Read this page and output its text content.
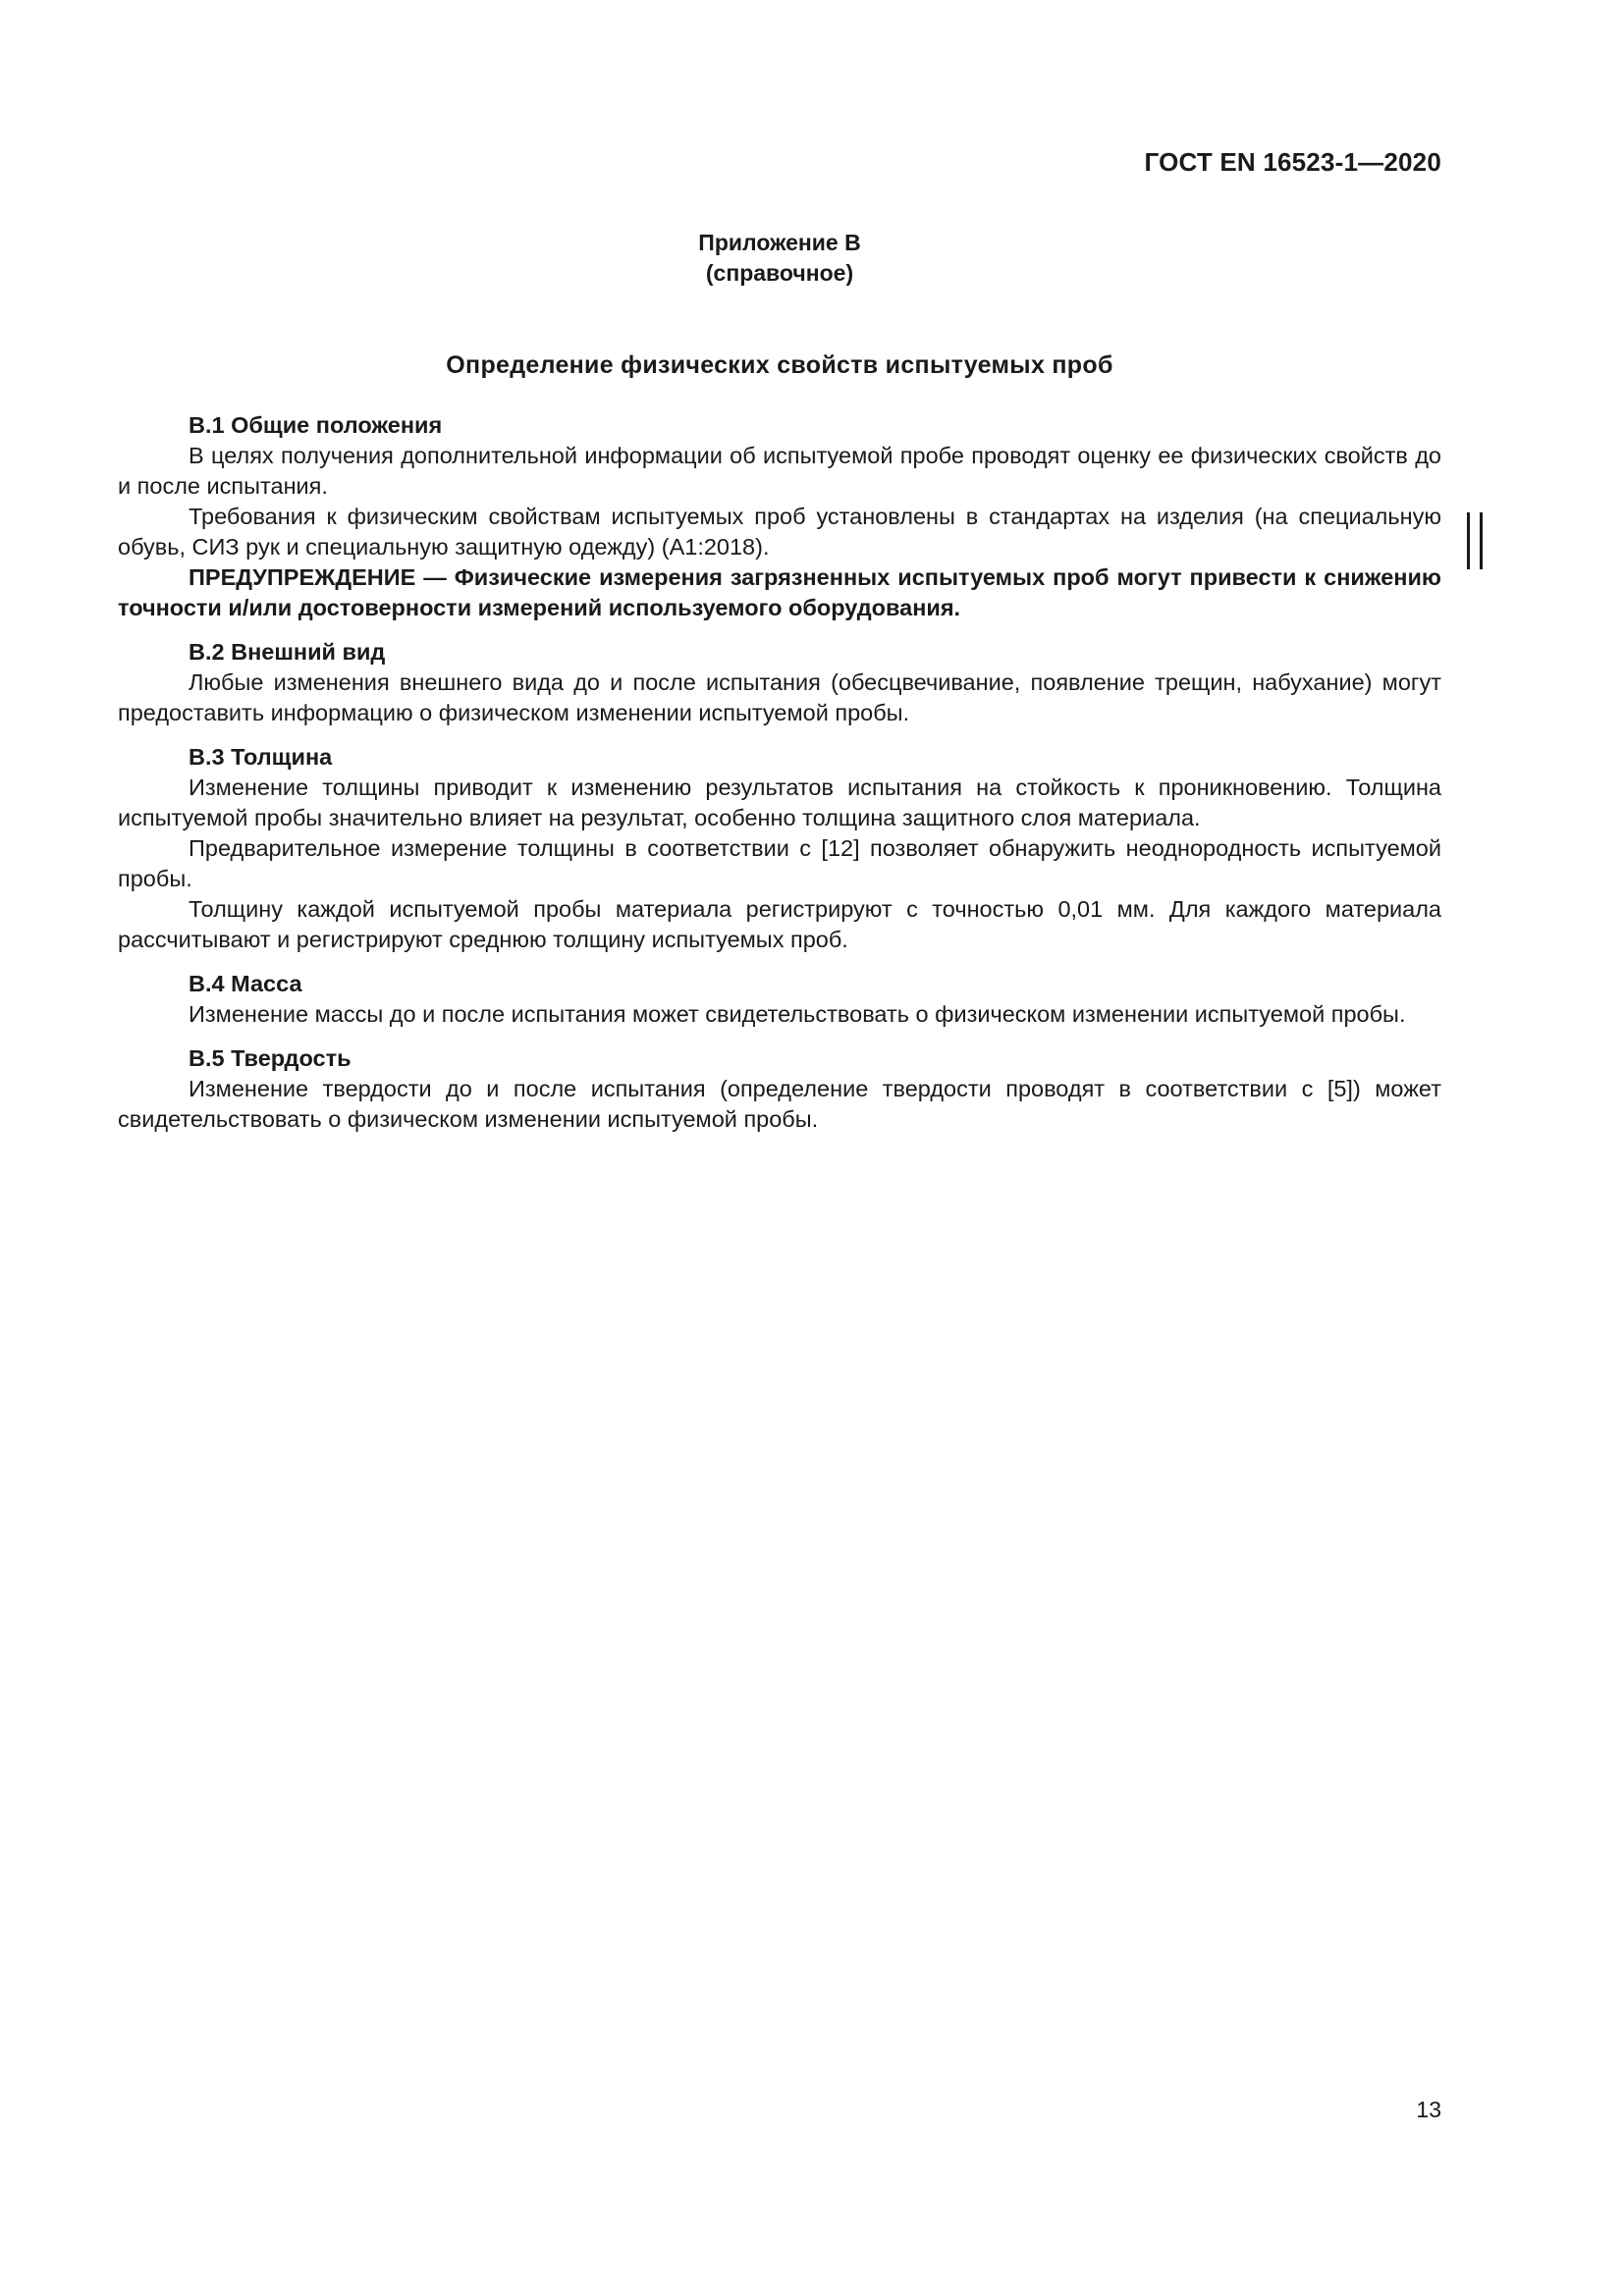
ГОСТ EN 16523-1—2020
Приложение В
(справочное)
Определение физических свойств испытуемых проб
В.1 Общие положения

В целях получения дополнительной информации об испытуемой пробе проводят оценку ее физических свойств до и после испытания.

Требования к физическим свойствам испытуемых проб установлены в стандартах на изделия (на специальную обувь, СИЗ рук и специальную защитную одежду) (А1:2018).

ПРЕДУПРЕЖДЕНИЕ — Физические измерения загрязненных испытуемых проб могут привести к снижению точности и/или достоверности измерений используемого оборудования.

В.2 Внешний вид

Любые изменения внешнего вида до и после испытания (обесцвечивание, появление трещин, набухание) могут предоставить информацию о физическом изменении испытуемой пробы.

В.3 Толщина

Изменение толщины приводит к изменению результатов испытания на стойкость к проникновению. Толщина испытуемой пробы значительно влияет на результат, особенно толщина защитного слоя материала.

Предварительное измерение толщины в соответствии с [12] позволяет обнаружить неоднородность испытуемой пробы.

Толщину каждой испытуемой пробы материала регистрируют с точностью 0,01 мм. Для каждого материала рассчитывают и регистрируют среднюю толщину испытуемых проб.

В.4 Масса

Изменение массы до и после испытания может свидетельствовать о физическом изменении испытуемой пробы.

В.5 Твердость

Изменение твердости до и после испытания (определение твердости проводят в соответствии с [5]) может свидетельствовать о физическом изменении испытуемой пробы.

13
